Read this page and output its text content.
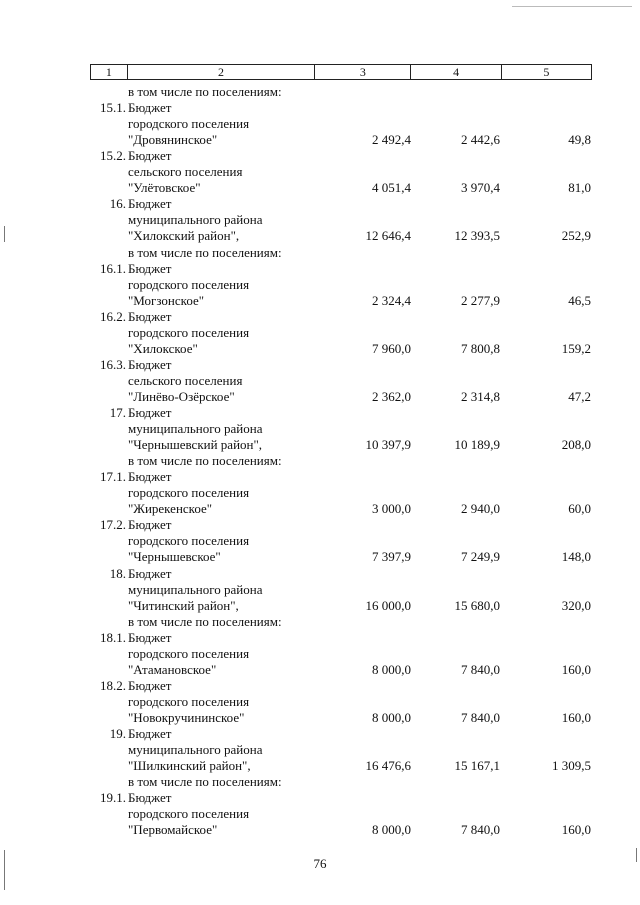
1	2	3	4	5
в том числе по поселениям:
15.1. Бюджет
городского поселения
"Дровянинское"	2 492,4	2 442,6	49,8
15.2. Бюджет
сельского поселения
"Улётовское"	4 051,4	3 970,4	81,0
16. Бюджет
муниципального района
"Хилокский район",	12 646,4	12 393,5	252,9
в том числе по поселениям:
16.1. Бюджет
городского поселения
"Могзонское"	2 324,4	2 277,9	46,5
16.2. Бюджет
городского поселения
"Хилокское"	7 960,0	7 800,8	159,2
16.3. Бюджет
сельского поселения
"Линёво-Озёрское"	2 362,0	2 314,8	47,2
17. Бюджет
муниципального района
"Чернышевский район",	10 397,9	10 189,9	208,0
в том числе по поселениям:
17.1. Бюджет
городского поселения
"Жирекенское"	3 000,0	2 940,0	60,0
17.2. Бюджет
городского поселения
"Чернышевское"	7 397,9	7 249,9	148,0
18. Бюджет
муниципального района
"Читинский район",	16 000,0	15 680,0	320,0
в том числе по поселениям:
18.1. Бюджет
городского поселения
"Атамановское"	8 000,0	7 840,0	160,0
18.2. Бюджет
городского поселения
"Новокручининское"	8 000,0	7 840,0	160,0
19. Бюджет
муниципального района
"Шилкинский район",	16 476,6	15 167,1	1 309,5
в том числе по поселениям:
19.1. Бюджет
городского поселения
"Первомайское"	8 000,0	7 840,0	160,0
76
